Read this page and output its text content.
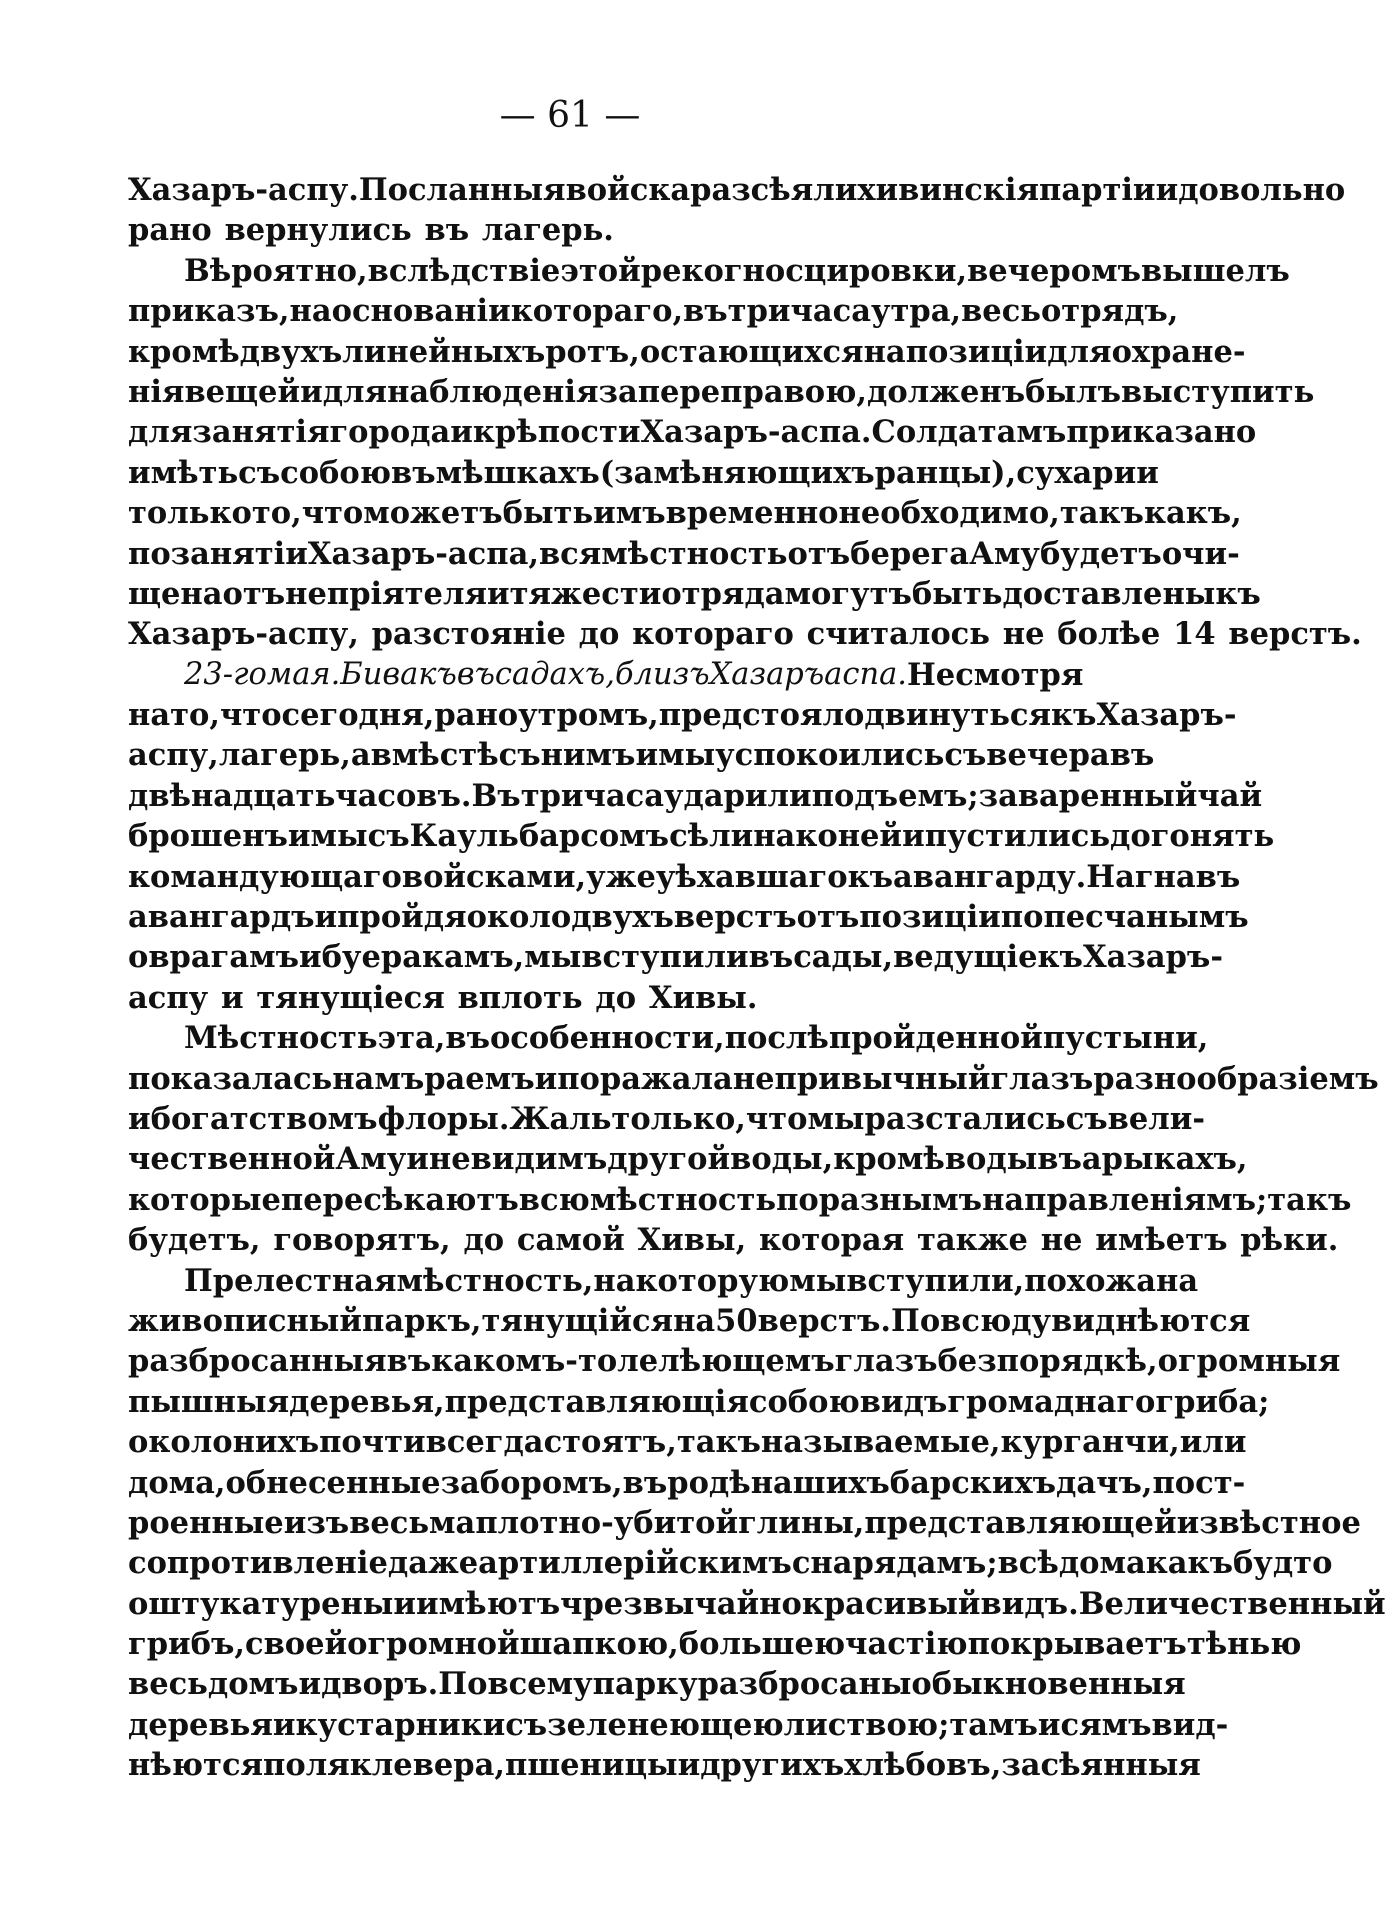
— 61 —
Хазаръ-аспу. Посланныя войска разсѣяли хивинскія партіи и довольно
рано вернулись въ лагерь.
Вѣроятно, вслѣдствіе этой рекогносцировки, вечеромъ вышелъ
приказъ, на основаніи котораго, въ три часа утра, весь отрядъ,
кромѣ двухъ линейныхъ ротъ, остающихся на позиціи для охране-
нія вещей и для наблюденія за переправою, долженъ былъ выступить
для занятія города и крѣпости Хазаръ-аспа. Солдатамъ приказано
имѣть съ собою въ мѣшкахъ (замѣняющихъ ранцы), сухари и
только то, что можетъ быть имъ временно необходимо, такъ какъ,
по занятіи Хазаръ-аспа, вся мѣстность отъ берега Аму будетъ очи-
щена отъ непріятеля и тяжести отряда могутъ быть доставлены къ
Хазаръ-аспу, разстояніе до котораго считалось не болѣе 14 верстъ.
23-го мая. Бивакъ въ садахъ, близъ Хазаръ аспа. Не смотря
на то, что сегодня, рано утромъ, предстояло двинуться къ Хазаръ-
аспу, лагерь, а вмѣстѣ съ нимъ и мы успокоились съ вечера въ
двѣнадцать часовъ. Въ три часа ударили подъемъ; заваренный чай
брошенъ и мы съ Каульбарсомъ сѣли на коней и пустились догонять
командующаго войсками, уже уѣхавшаго къ авангарду. Нагнавъ
авангардъ и пройдя около двухъ верстъ отъ позиціи по песчанымъ
оврагамъ и буеракамъ, мы вступили въ сады, ведущіе къ Хазаръ-
аспу и тянущіеся вплоть до Хивы.
Мѣстность эта, въ особенности, послѣ пройденной пустыни,
показалась намъ раемъ и поражала непривычный глазъ разнообразіемъ
и богатствомъ флоры. Жаль только, что мы разстались съ вели-
чественной Аму и не видимъ другой воды, кромѣ воды въ арыкахъ,
которые пересѣкаютъ всю мѣстность по разнымъ направленіямъ; такъ
будетъ, говорятъ, до самой Хивы, которая также не имѣетъ рѣки.
Прелестная мѣстность, на которую мы вступили, похожа на
живописный паркъ, тянущійся на 50 верстъ. Повсюду виднѣются
разбросанныя въ какомъ-то лелѣющемъ глазъ безпорядкѣ, огромныя
пышныя деревья, представляющія собою видъ громаднаго гриба;
около нихъ почти всегда стоятъ, такъ называемые, курганчи, или
дома, обнесенные заборомъ, въ родѣ нашихъ барскихъ дачъ, пост-
роенные изъ весьма плотно-убитой глины, представляющей извѣстное
сопротивленіе даже артиллерійскимъ снарядамъ; всѣ дома какъ будто
оштукатурены и имѣютъ чрезвычайно красивый видъ. Величественный
грибъ, своей огромной шапкою, большею частію покрываетъ тѣнью
весь домъ и дворъ. По всему парку разбросаны обыкновенныя
деревья и кустарники съ зеленеющею листвою; тамъ и сямъ вид-
нѣются поля клевера, пшеницы и другихъ хлѣбовъ, засѣянныя
